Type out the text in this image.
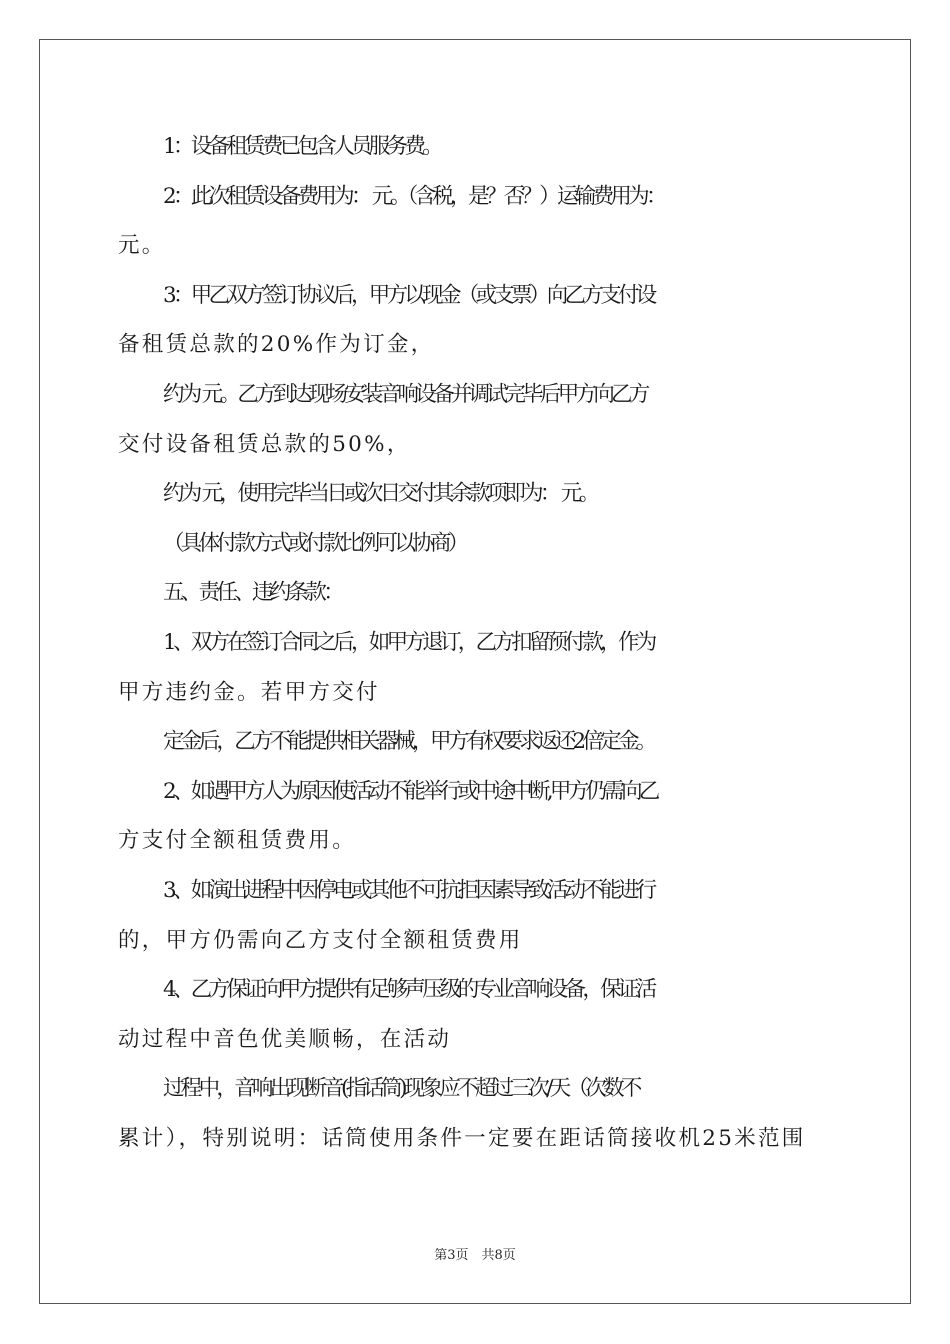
1：设备租赁费已包含人员服务费。

2：此次租赁设备费用为： 元。（含税，是？否？）运输费用为：
元。

3：甲乙双方签订协议后，甲方以现金（或支票）向乙方支付设
备租赁总款的20%作为订金，

约为 元。乙方到达现场安装音响设备并调试完毕后甲方向乙方
交付设备租赁总款的50%，

约为 元，使用完毕当日或次日交付其余款项即为： 元。

（具体付款方式或付款比例可以协商）

五、责任、违约条款：

1、双方在签订合同之后，如甲方退订，乙方扣留预付款，作为
甲方违约金。若甲方交付

定金后，乙方不能提供相关器械，甲方有权要求返还2倍定金。

2、如遇甲方人为原因使活动不能举行或中途中断,甲方仍需向乙
方支付全额租赁费用。

3、如演出进程中因停电或其他不可抗拒因素导致活动不能进行
的，甲方仍需向乙方支付全额租赁费用

4、乙方保证向甲方提供有足够声压级的专业音响设备，保证活
动过程中音色优美顺畅，在活动

过程中，音响出现断音(指话筒)现象应不超过三次/天（次数不
累计），特别说明：话筒使用条件一定要在距话筒接收机25米范围

第3页　共8页
